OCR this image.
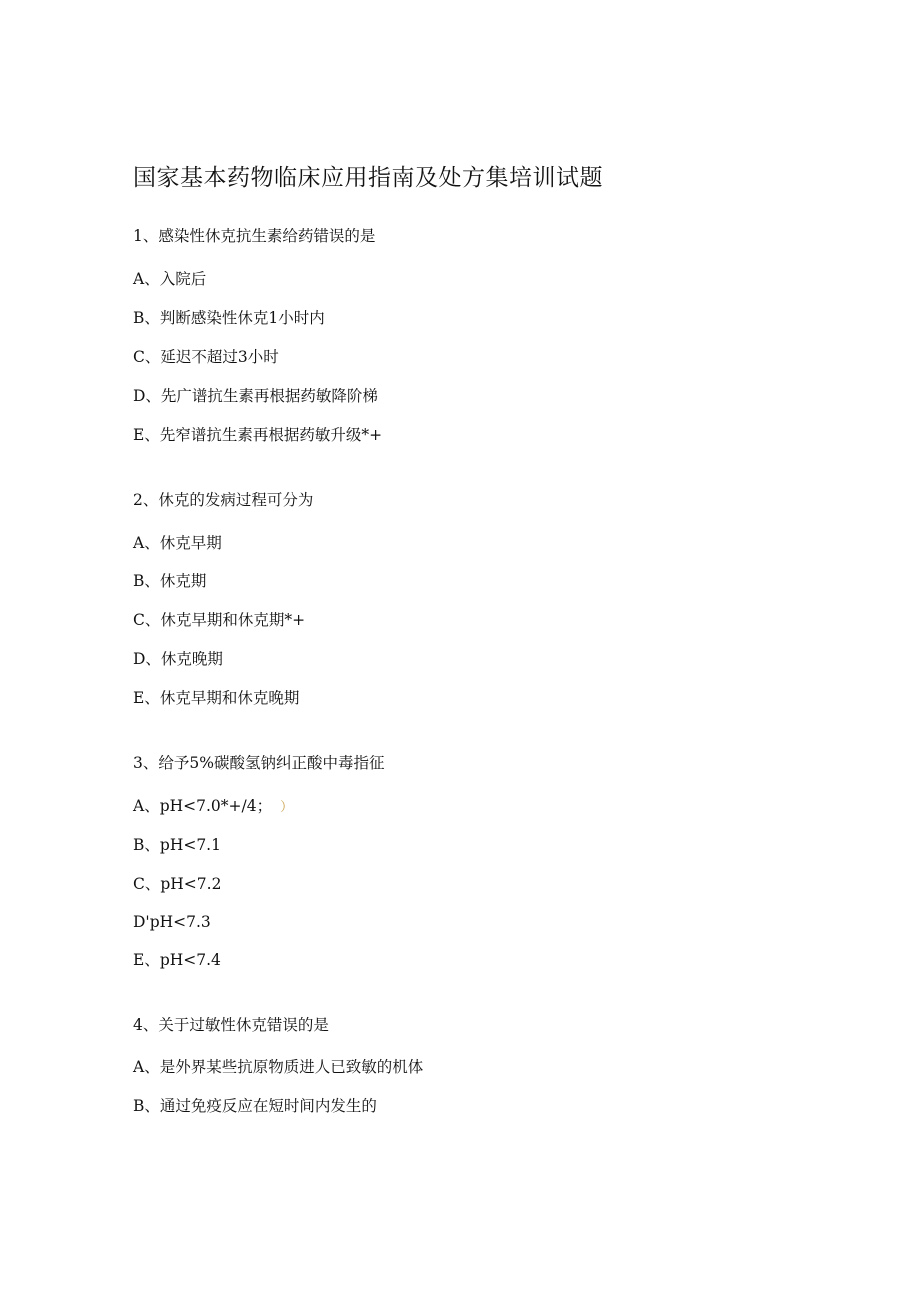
国家基本药物临床应用指南及处方集培训试题
1、感染性休克抗生素给药错误的是
A、入院后
B、判断感染性休克1小时内
C、延迟不超过3小时
D、先广谱抗生素再根据药敏降阶梯
E、先窄谱抗生素再根据药敏升级*+
2、休克的发病过程可分为
A、休克早期
B、休克期
C、休克早期和休克期*+
D、休克晚期
E、休克早期和休克晚期
3、给予5%碳酸氢钠纠正酸中毒指征
A、pH<7.0*+/4； ）
B、pH<7.1
C、pH<7.2
D'pH<7.3
E、pH<7.4
4、关于过敏性休克错误的是
A、是外界某些抗原物质进人已致敏的机体
B、通过免疫反应在短时间内发生的
